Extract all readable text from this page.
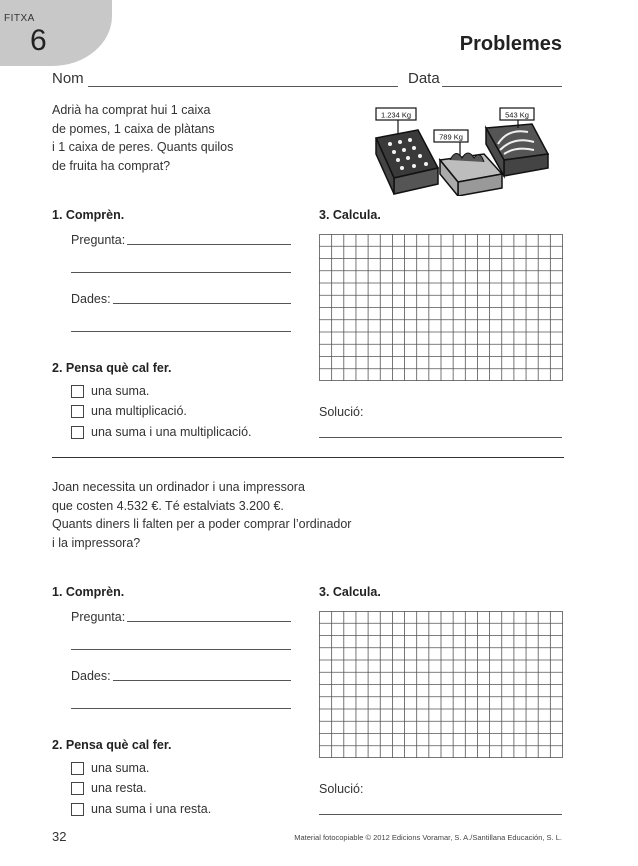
FITXA
6	Problemes
Nom	Data
Adrià ha comprat hui 1 caixa
de pomes, 1 caixa de plàtans
i 1 caixa de peres. Quants quilos
de fruita ha comprat?
1.234 Kg
789 Kg
543 Kg
1. Comprèn.
Pregunta:
Dades:
2. Pensa què cal fer.
una suma.
una multiplicació.
una suma i una multiplicació.
3. Calcula.
Solució:
Joan necessita un ordinador i una impressora
que costen 4.532 €. Té estalviats 3.200 €.
Quants diners li falten per a poder comprar l’ordinador
i la impressora?
1. Comprèn.
Pregunta:
Dades:
2. Pensa què cal fer.
una suma.
una resta.
una suma i una resta.
3. Calcula.
Solució:
32	Material fotocopiable © 2012 Edicions Voramar, S. A./Santillana Educación, S. L.
